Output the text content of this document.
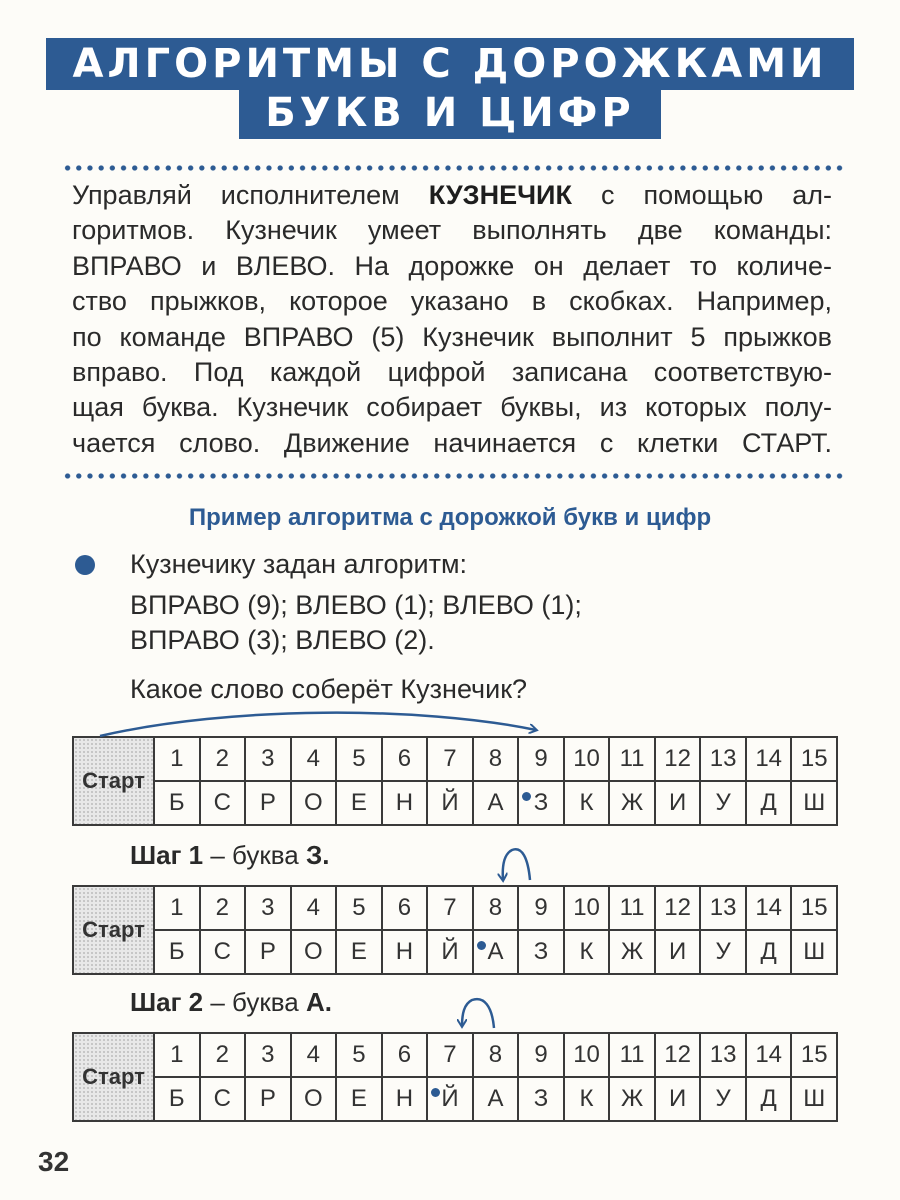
АЛГОРИТМЫ С ДОРОЖКАМИ
БУКВ И ЦИФР
Управляй исполнителем КУЗНЕЧИК с помощью ал-
горитмов. Кузнечик умеет выполнять две команды:
ВПРАВО и ВЛЕВО. На дорожке он делает то количе-
ство прыжков, которое указано в скобках. Например,
по команде ВПРАВО (5) Кузнечик выполнит 5 прыжков
вправо. Под каждой цифрой записана соответствую-
щая буква. Кузнечик собирает буквы, из которых полу-
чается слово. Движение начинается с клетки СТАРТ.
Пример алгоритма с дорожкой букв и цифр
Кузнечику задан алгоритм:
ВПРАВО (9); ВЛЕВО (1); ВЛЕВО (1);
ВПРАВО (3); ВЛЕВО (2).
Какое слово соберёт Кузнечик?
Старт	1	2	3	4	5	6	7	8	9	10	11	12	13	14	15
	Б	С	Р	О	Е	Н	Й	А	З	К	Ж	И	У	Д	Ш
Шаг 1 – буква З.
Старт	1	2	3	4	5	6	7	8	9	10	11	12	13	14	15
	Б	С	Р	О	Е	Н	Й	А	З	К	Ж	И	У	Д	Ш
Шаг 2 – буква А.
Старт	1	2	3	4	5	6	7	8	9	10	11	12	13	14	15
	Б	С	Р	О	Е	Н	Й	А	З	К	Ж	И	У	Д	Ш
32
